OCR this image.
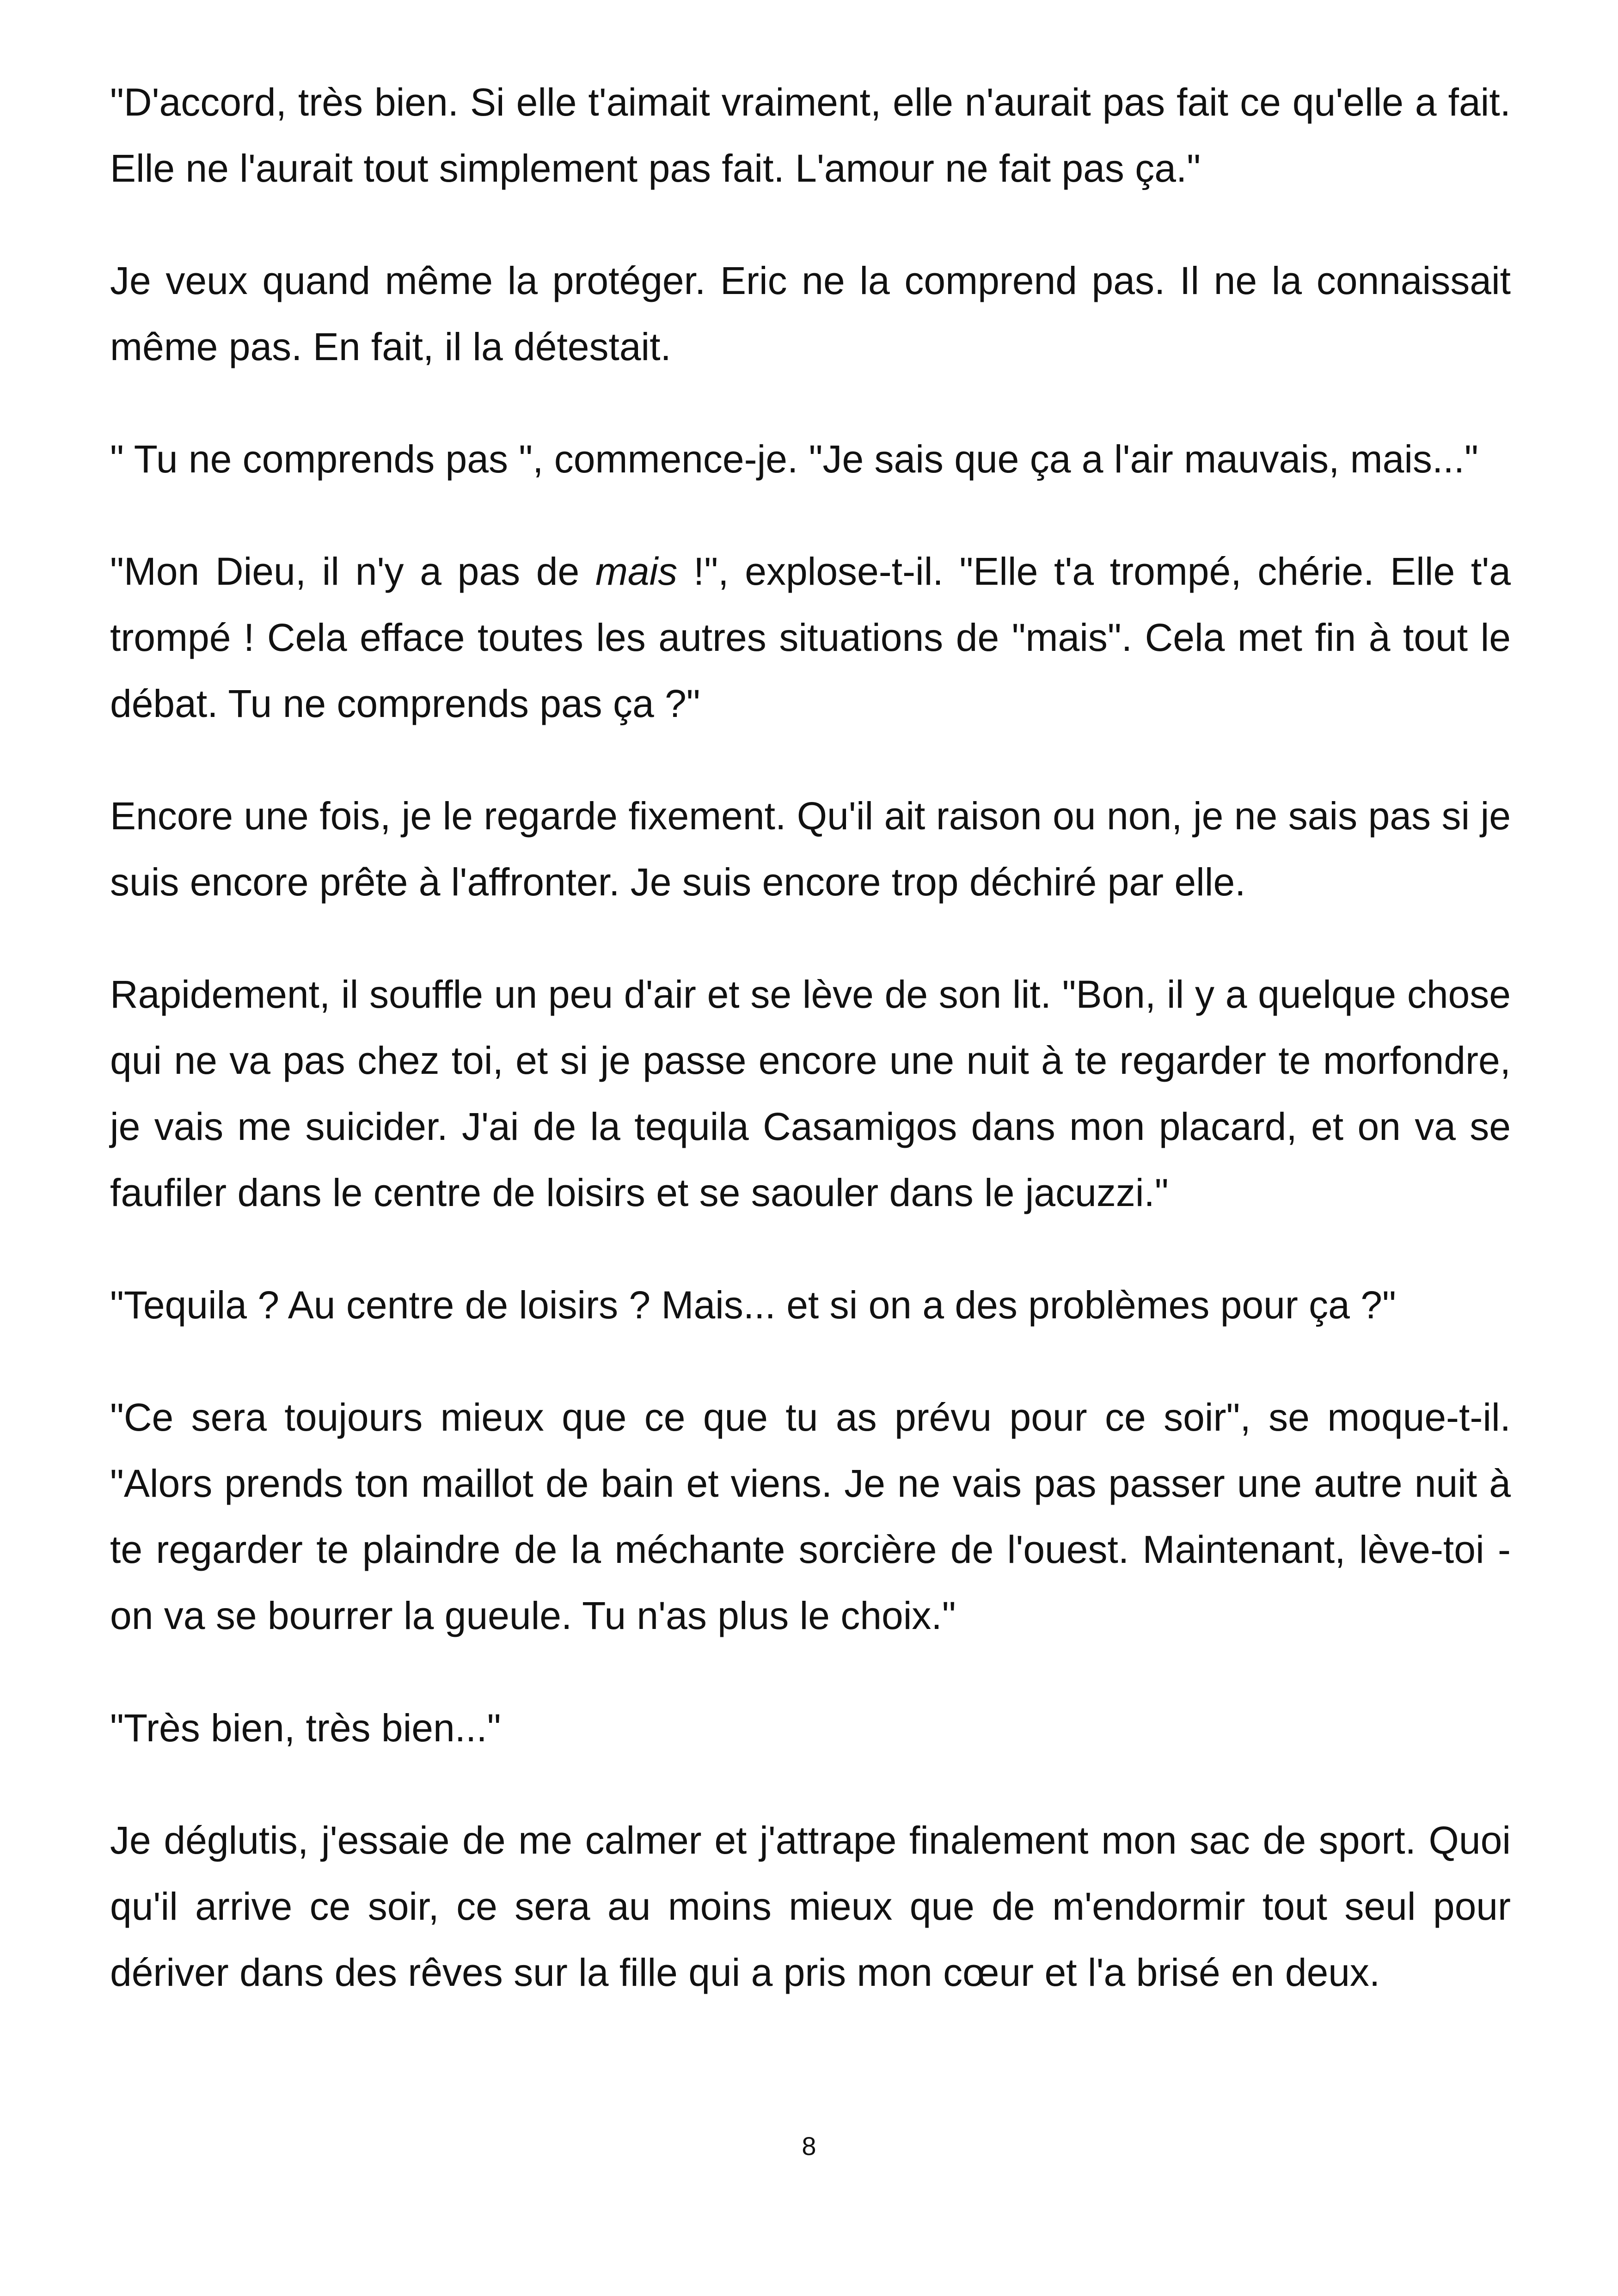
"D'accord, très bien. Si elle t'aimait vraiment, elle n'aurait pas fait ce qu'elle a fait. Elle ne l'aurait tout simplement pas fait. L'amour ne fait pas ça."

Je veux quand même la protéger. Eric ne la comprend pas. Il ne la connaissait même pas. En fait, il la détestait.

" Tu ne comprends pas ", commence-je. "Je sais que ça a l'air mauvais, mais..."

"Mon Dieu, il n'y a pas de mais !", explose-t-il. "Elle t'a trompé, chérie. Elle t'a trompé ! Cela efface toutes les autres situations de "mais". Cela met fin à tout le débat. Tu ne comprends pas ça ?"

Encore une fois, je le regarde fixement. Qu'il ait raison ou non, je ne sais pas si je suis encore prête à l'affronter. Je suis encore trop déchiré par elle.

Rapidement, il souffle un peu d'air et se lève de son lit. "Bon, il y a quelque chose qui ne va pas chez toi, et si je passe encore une nuit à te regarder te morfondre, je vais me suicider. J'ai de la tequila Casamigos dans mon placard, et on va se faufiler dans le centre de loisirs et se saouler dans le jacuzzi."

"Tequila ? Au centre de loisirs ? Mais... et si on a des problèmes pour ça ?"

"Ce sera toujours mieux que ce que tu as prévu pour ce soir", se moque-t-il. "Alors prends ton maillot de bain et viens. Je ne vais pas passer une autre nuit à te regarder te plaindre de la méchante sorcière de l'ouest. Maintenant, lève-toi - on va se bourrer la gueule. Tu n'as plus le choix."

"Très bien, très bien..."

Je déglutis, j'essaie de me calmer et j'attrape finalement mon sac de sport. Quoi qu'il arrive ce soir, ce sera au moins mieux que de m'endormir tout seul pour dériver dans des rêves sur la fille qui a pris mon cœur et l'a brisé en deux.

8
